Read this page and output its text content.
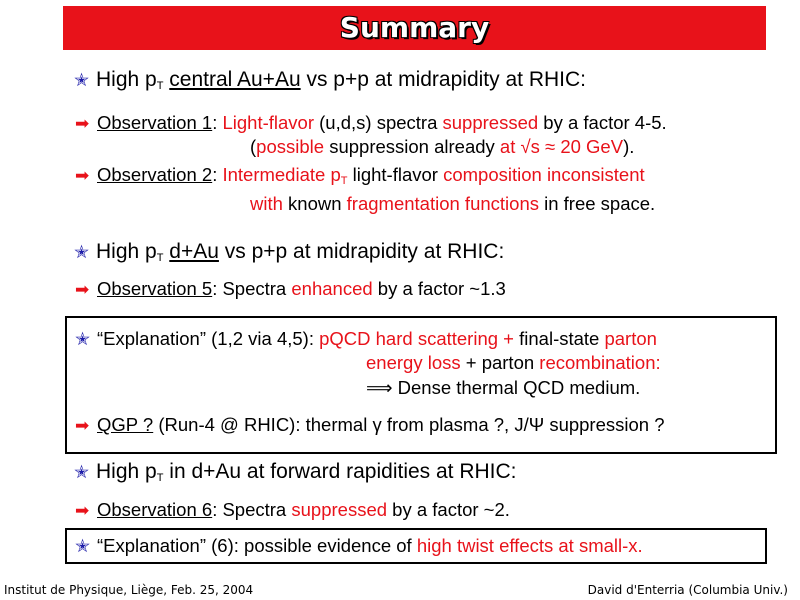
Summary
✭ High $p_T$ central Au+Au vs p+p at midrapidity at RHIC:
➡ Observation 1: Light-flavor (u,d,s) spectra suppressed by a factor 4-5.
(possible suppression already at √s ≈ 20 GeV).
➡ Observation 2: Intermediate $p_T$ light-flavor composition inconsistent
with known fragmentation functions in free space.
✭ High $p_T$ d+Au vs p+p at midrapidity at RHIC:
➡ Observation 5: Spectra enhanced by a factor ~1.3
✭ “Explanation” (1,2 via 4,5): pQCD hard scattering + final-state parton
energy loss + parton recombination:
⟹ Dense thermal QCD medium.
➡ QGP ? (Run-4 @ RHIC): thermal γ from plasma ?, J/Ψ suppression ?
✭ High $p_T$ in d+Au at forward rapidities at RHIC:
➡ Observation 6: Spectra suppressed by a factor ~2.
✭ “Explanation” (6): possible evidence of high twist effects at small-x.
Institut de Physique, Liège, Feb. 25, 2004	David d'Enterria (Columbia Univ.)
